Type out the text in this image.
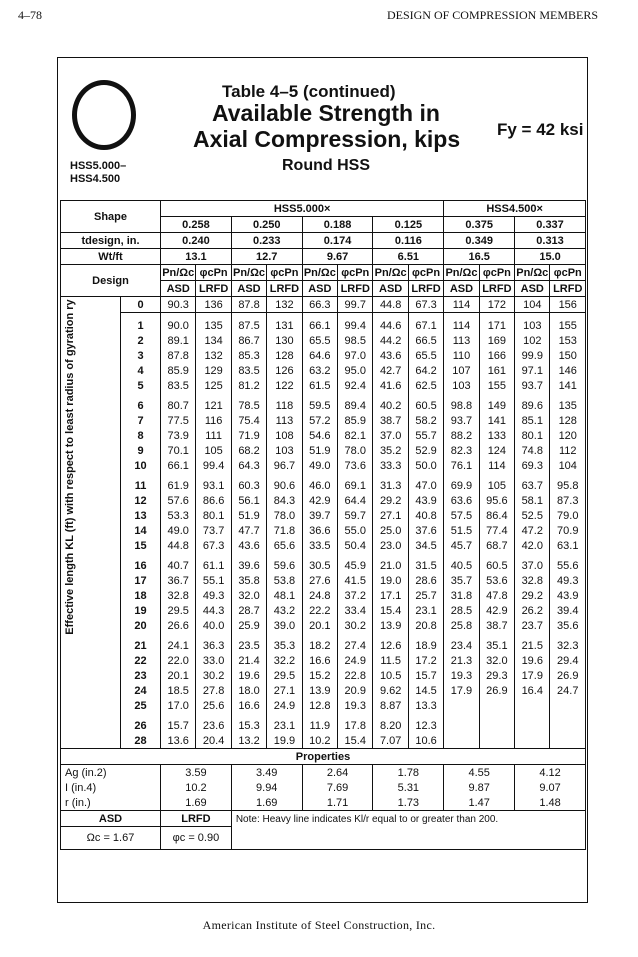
4–78	DESIGN OF COMPRESSION MEMBERS
Table 4–5 (continued)
Available Strength in
Axial Compression, kips
Round HSS
Fy = 42 ksi
HSS5.000–
HSS4.500
Effective length KL (ft) with respect to least radius of gyration ry
Shape		HSS5.000×								HSS4.500×			
		0.258		0.250		0.188		0.125		0.375		0.337	
tdesign, in.		0.240		0.233		0.174		0.116		0.349		0.313	
Wt/ft		13.1		12.7		9.67		6.51		16.5		15.0	
Design		Pn/Ωc	φcPn	Pn/Ωc	φcPn	Pn/Ωc	φcPn	Pn/Ωc	φcPn	Pn/Ωc	φcPn	Pn/Ωc	φcPn
		ASD	LRFD	ASD	LRFD	ASD	LRFD	ASD	LRFD	ASD	LRFD	ASD	LRFD
	0	90.3	136	87.8	132	66.3	99.7	44.8	67.3	114	172	104	156
	1	90.0	135	87.5	131	66.1	99.4	44.6	67.1	114	171	103	155
	2	89.1	134	86.7	130	65.5	98.5	44.2	66.5	113	169	102	153
	3	87.8	132	85.3	128	64.6	97.0	43.6	65.5	110	166	99.9	150
	4	85.9	129	83.5	126	63.2	95.0	42.7	64.2	107	161	97.1	146
	5	83.5	125	81.2	122	61.5	92.4	41.6	62.5	103	155	93.7	141
	6	80.7	121	78.5	118	59.5	89.4	40.2	60.5	98.8	149	89.6	135
	7	77.5	116	75.4	113	57.2	85.9	38.7	58.2	93.7	141	85.1	128
	8	73.9	111	71.9	108	54.6	82.1	37.0	55.7	88.2	133	80.1	120
	9	70.1	105	68.2	103	51.9	78.0	35.2	52.9	82.3	124	74.8	112
	10	66.1	99.4	64.3	96.7	49.0	73.6	33.3	50.0	76.1	114	69.3	104
	11	61.9	93.1	60.3	90.6	46.0	69.1	31.3	47.0	69.9	105	63.7	95.8
	12	57.6	86.6	56.1	84.3	42.9	64.4	29.2	43.9	63.6	95.6	58.1	87.3
	13	53.3	80.1	51.9	78.0	39.7	59.7	27.1	40.8	57.5	86.4	52.5	79.0
	14	49.0	73.7	47.7	71.8	36.6	55.0	25.0	37.6	51.5	77.4	47.2	70.9
	15	44.8	67.3	43.6	65.6	33.5	50.4	23.0	34.5	45.7	68.7	42.0	63.1
	16	40.7	61.1	39.6	59.6	30.5	45.9	21.0	31.5	40.5	60.5	37.0	55.6
	17	36.7	55.1	35.8	53.8	27.6	41.5	19.0	28.6	35.7	53.6	32.8	49.3
	18	32.8	49.3	32.0	48.1	24.8	37.2	17.1	25.7	31.8	47.8	29.2	43.9
	19	29.5	44.3	28.7	43.2	22.2	33.4	15.4	23.1	28.5	42.9	26.2	39.4
	20	26.6	40.0	25.9	39.0	20.1	30.2	13.9	20.8	25.8	38.7	23.7	35.6
	21	24.1	36.3	23.5	35.3	18.2	27.4	12.6	18.9	23.4	35.1	21.5	32.3
	22	22.0	33.0	21.4	32.2	16.6	24.9	11.5	17.2	21.3	32.0	19.6	29.4
	23	20.1	30.2	19.6	29.5	15.2	22.8	10.5	15.7	19.3	29.3	17.9	26.9
	24	18.5	27.8	18.0	27.1	13.9	20.9	9.62	14.5	17.9	26.9	16.4	24.7
	25	17.0	25.6	16.6	24.9	12.8	19.3	8.87	13.3				
	26	15.7	23.6	15.3	23.1	11.9	17.8	8.20	12.3				
	28	13.6	20.4	13.2	19.9	10.2	15.4	7.07	10.6				
Properties													
Ag (in.2)		3.59		3.49		2.64		1.78		4.55		4.12	
I (in.4)		10.2		9.94		7.69		5.31		9.87		9.07	
r (in.)		1.69		1.69		1.71		1.73		1.47		1.48	
ASD		LRFD		Note: Heavy line indicates Kl/r equal to or greater than 200.									
Ωc = 1.67		φc = 0.90											
American Institute of Steel Construction, Inc.
